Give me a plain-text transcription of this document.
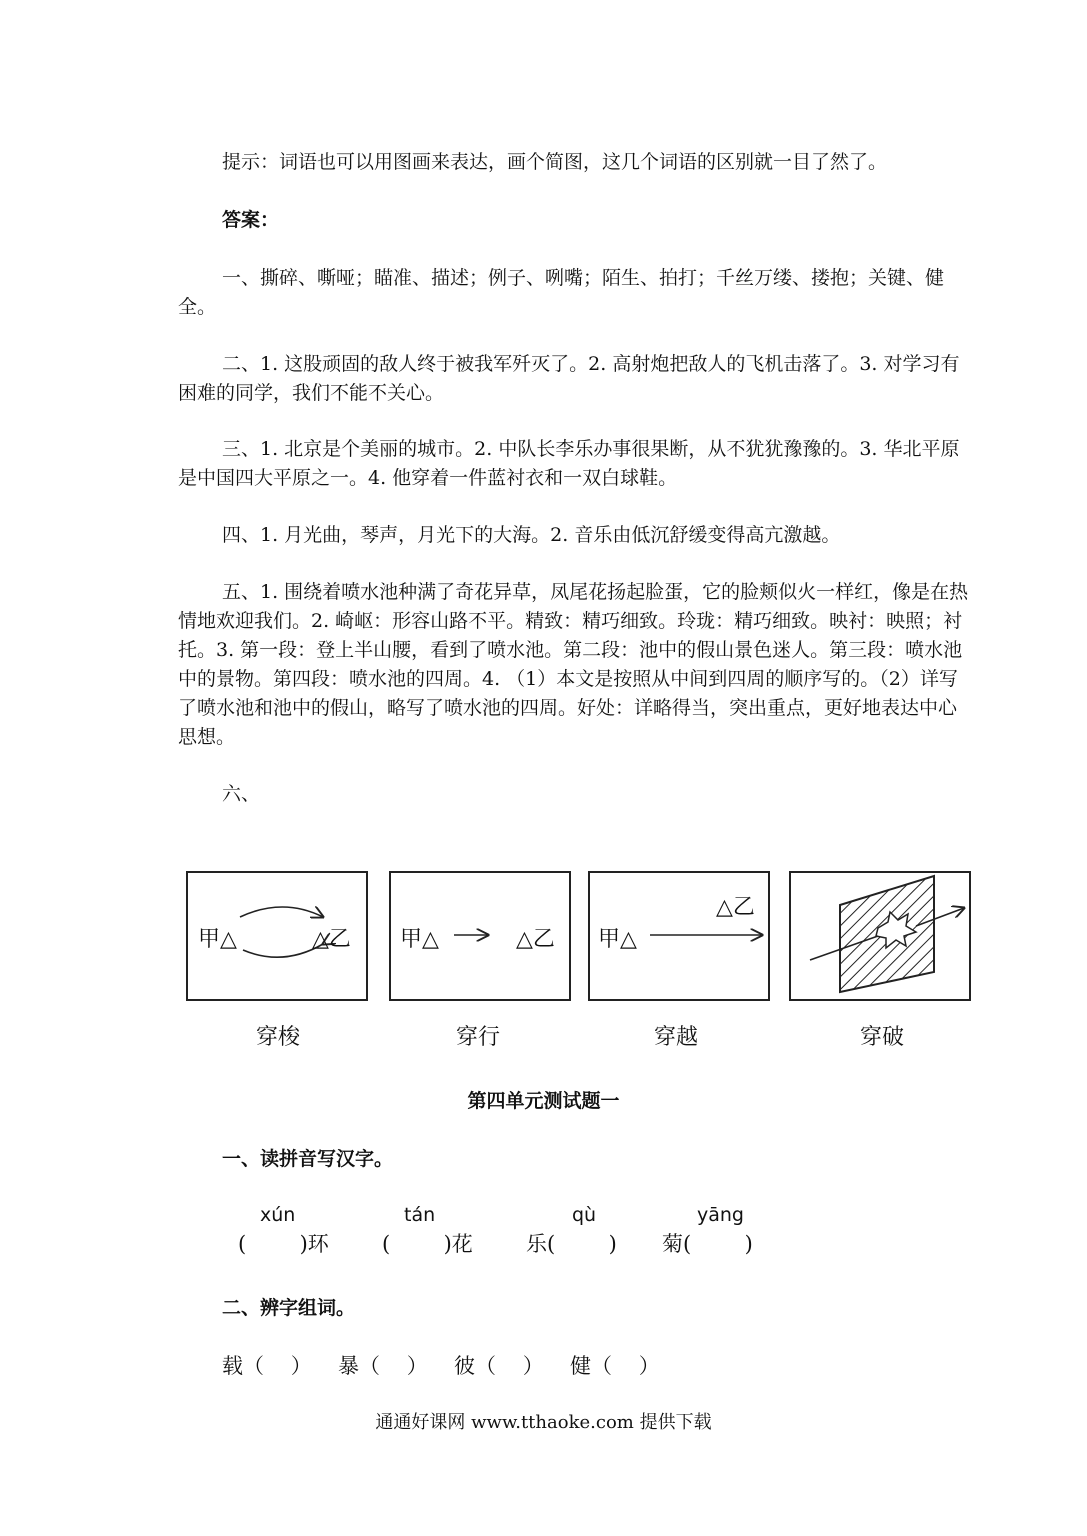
提示：词语也可以用图画来表达，画个简图，这几个词语的区别就一目了然了。

答案：

一、撕碎、嘶哑；瞄准、描述；例子、咧嘴；陌生、拍打；千丝万缕、搂抱；关键、健全。

二、1. 这股顽固的敌人终于被我军歼灭了。2. 高射炮把敌人的飞机击落了。3. 对学习有困难的同学，我们不能不关心。

三、1. 北京是个美丽的城市。2. 中队长李乐办事很果断，从不犹犹豫豫的。3. 华北平原是中国四大平原之一。4. 他穿着一件蓝衬衣和一双白球鞋。

四、1. 月光曲，琴声，月光下的大海。2. 音乐由低沉舒缓变得高亢激越。

五、1. 围绕着喷水池种满了奇花异草，凤尾花扬起脸蛋，它的脸颊似火一样红，像是在热情地欢迎我们。2. 崎岖：形容山路不平。精致：精巧细致。玲珑：精巧细致。映衬：映照；衬托。3. 第一段：登上半山腰，看到了喷水池。第二段：池中的假山景色迷人。第三段：喷水池中的景物。第四段：喷水池的四周。4. （1）本文是按照从中间到四周的顺序写的。（2）详写了喷水池和池中的假山，略写了喷水池的四周。好处：详略得当，突出重点，更好地表达中心思想。

六、

甲△	△乙 甲△	△乙 甲△
△乙
穿梭	穿行	穿越	穿破
第四单元测试题一

一、读拼音写汉字。

xún
(        )环
tán
(        )花
qù
乐(        )
yāng
菊(        )

二、辨字组词。

载（    ） 暴（    ） 彼（    ） 健（    ）
通通好课网 www.tthaoke.com 提供下载
